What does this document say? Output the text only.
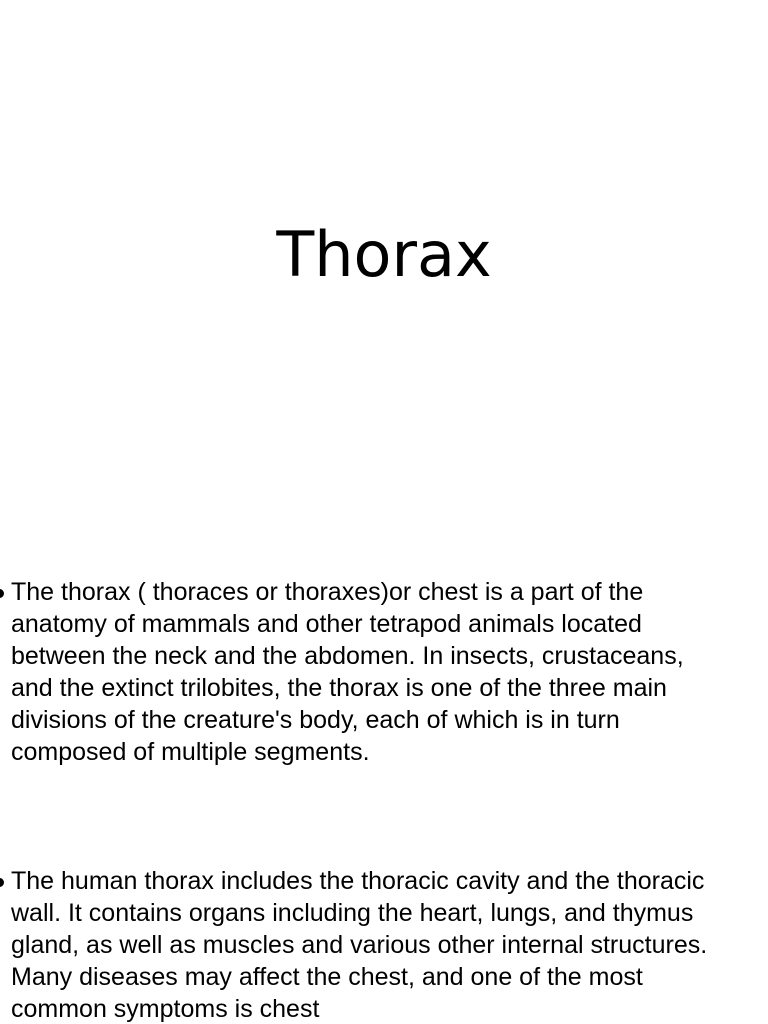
Thorax
The thorax ( thoraces or thoraxes)or chest is a part of the anatomy of mammals and other tetrapod animals located between the neck and the abdomen. In insects, crustaceans, and the extinct trilobites, the thorax is one of the three main divisions of the creature's body, each of which is in turn composed of multiple segments.
The human thorax includes the thoracic cavity and the thoracic wall. It contains organs including the heart, lungs, and thymus gland, as well as muscles and various other internal structures. Many diseases may affect the chest, and one of the most common symptoms is chest
